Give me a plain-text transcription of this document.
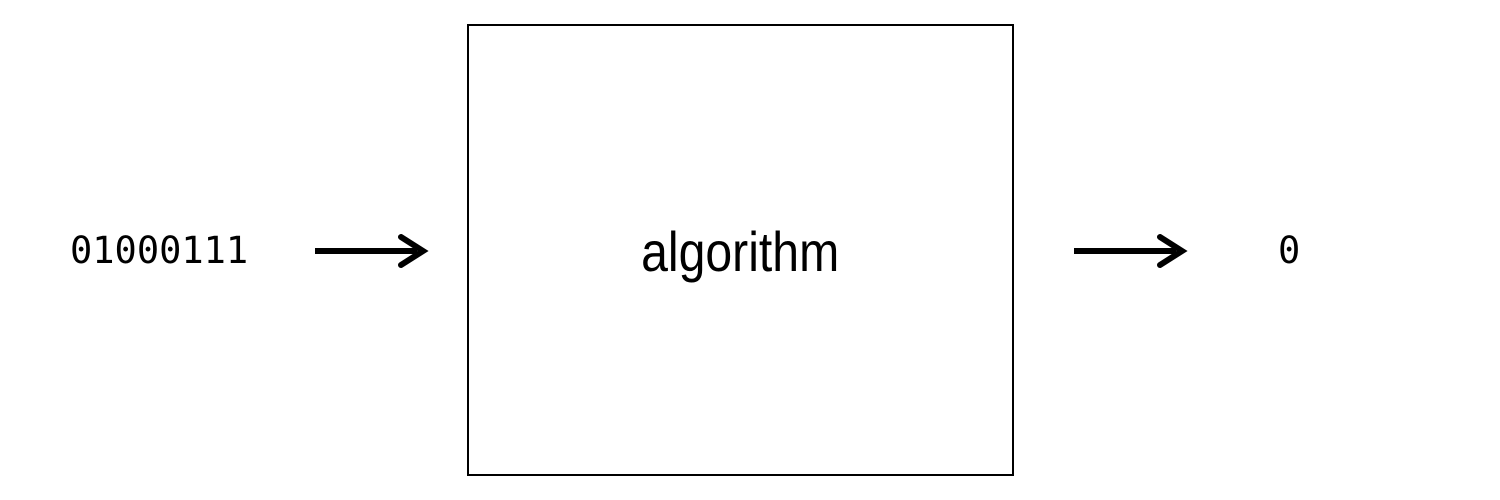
01000111	algorithm	0
